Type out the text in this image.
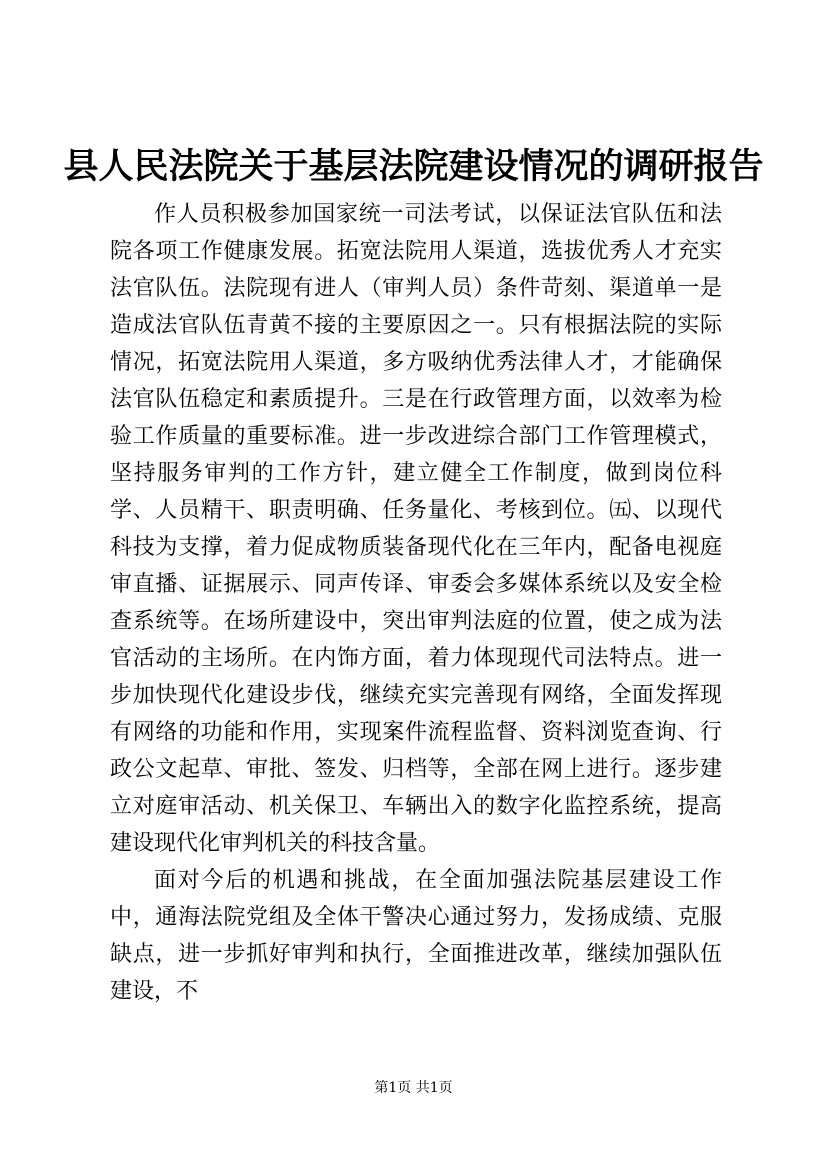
县人民法院关于基层法院建设情况的调研报告

作人员积极参加国家统一司法考试，以保证法官队伍和法院各项工作健康发展。拓宽法院用人渠道，选拔优秀人才充实法官队伍。法院现有进人（审判人员）条件苛刻、渠道单一是造成法官队伍青黄不接的主要原因之一。只有根据法院的实际情况，拓宽法院用人渠道，多方吸纳优秀法律人才，才能确保法官队伍稳定和素质提升。三是在行政管理方面，以效率为检验工作质量的重要标准。进一步改进综合部门工作管理模式，坚持服务审判的工作方针，建立健全工作制度，做到岗位科学、人员精干、职责明确、任务量化、考核到位。㈤、以现代科技为支撑，着力促成物质装备现代化在三年内，配备电视庭审直播、证据展示、同声传译、审委会多媒体系统以及安全检查系统等。在场所建设中，突出审判法庭的位置，使之成为法官活动的主场所。在内饰方面，着力体现现代司法特点。进一步加快现代化建设步伐，继续充实完善现有网络，全面发挥现有网络的功能和作用，实现案件流程监督、资料浏览查询、行政公文起草、审批、签发、归档等，全部在网上进行。逐步建立对庭审活动、机关保卫、车辆出入的数字化监控系统，提高建设现代化审判机关的科技含量。

面对今后的机遇和挑战，在全面加强法院基层建设工作中，通海法院党组及全体干警决心通过努力，发扬成绩、克服缺点，进一步抓好审判和执行，全面推进改革，继续加强队伍建设，不

第1页 共1页
